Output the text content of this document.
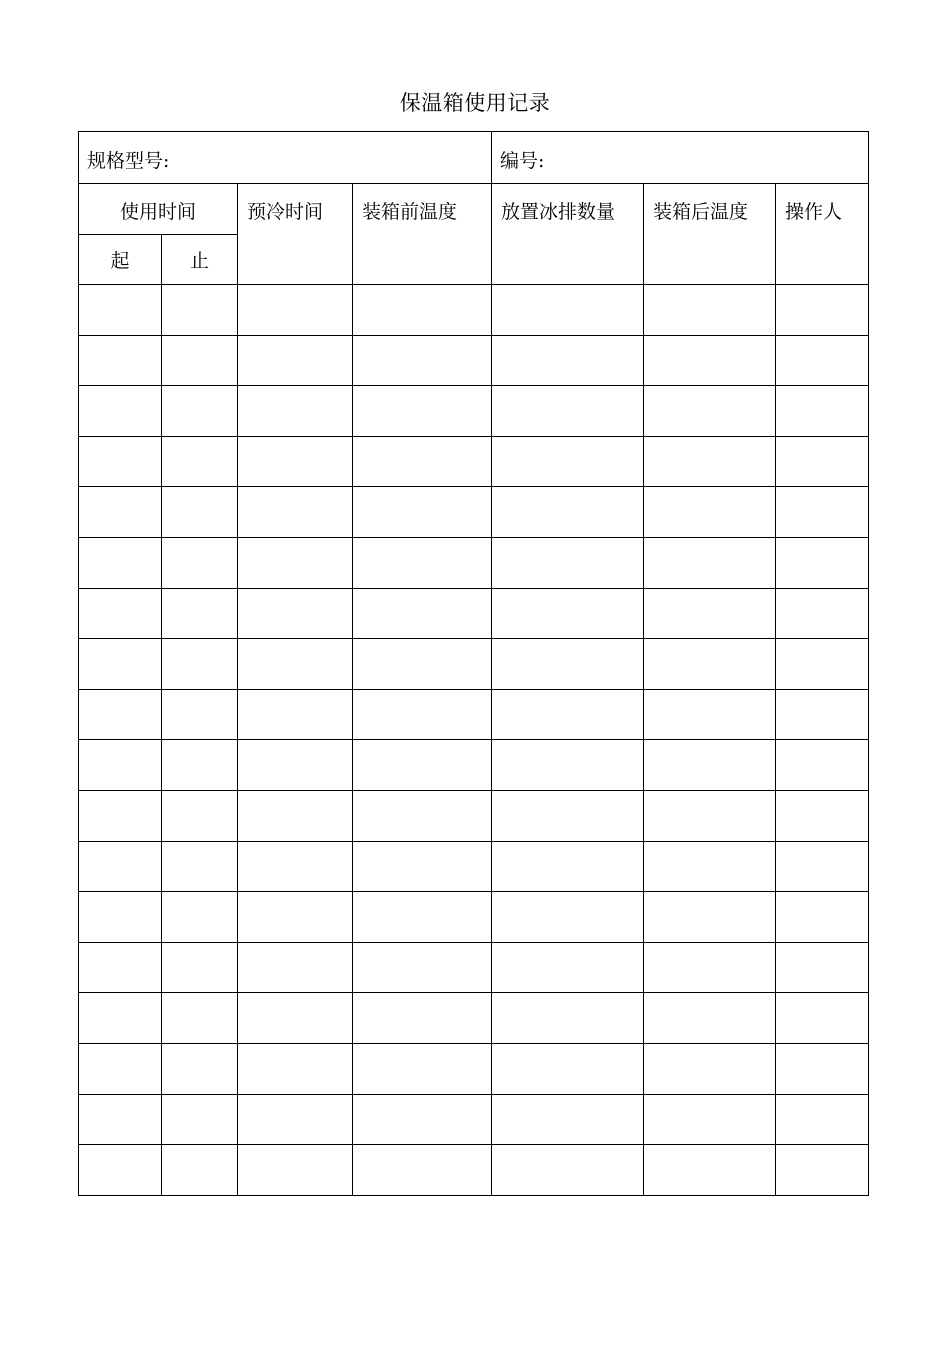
保温箱使用记录
规格型号:				编号:		

使用时间		预冷时间	装箱前温度	放置冰排数量	装箱后温度	操作人

起	止					
